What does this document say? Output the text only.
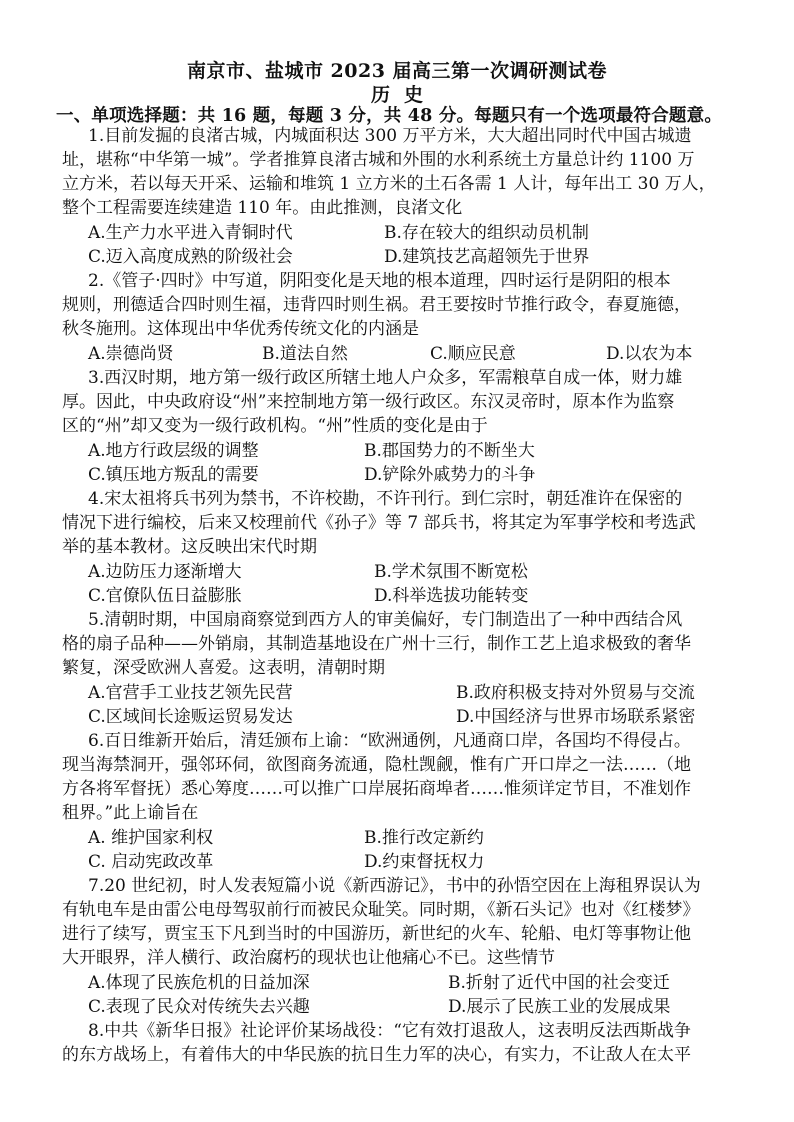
南京市、盐城市 2023 届高三第一次调研测试卷
历史
一、单项选择题：共 16 题，每题 3 分，共 48 分。每题只有一个选项最符合题意。
1.目前发掘的良渚古城，内城面积达 300 万平方米，大大超出同时代中国古城遗
址，堪称“中华第一城”。学者推算良渚古城和外围的水利系统土方量总计约 1100 万
立方米，若以每天开采、运输和堆筑 1 立方米的土石各需 1 人计，每年出工 30 万人，
整个工程需要连续建造 110 年。由此推测，良渚文化
A.生产力水平进入青铜时代	B.存在较大的组织动员机制
C.迈入高度成熟的阶级社会	D.建筑技艺高超领先于世界
2.《管子·四时》中写道，阴阳变化是天地的根本道理，四时运行是阴阳的根本
规则，刑德适合四时则生福，违背四时则生祸。君王要按时节推行政令，春夏施德，
秋冬施刑。这体现出中华优秀传统文化的内涵是
A.崇德尚贤	B.道法自然	C.顺应民意	D.以农为本
3.西汉时期，地方第一级行政区所辖土地人户众多，军需粮草自成一体，财力雄
厚。因此，中央政府设“州”来控制地方第一级行政区。东汉灵帝时，原本作为监察
区的“州”却又变为一级行政机构。“州”性质的变化是由于
A.地方行政层级的调整	B.郡国势力的不断坐大
C.镇压地方叛乱的需要	D.铲除外戚势力的斗争
4.宋太祖将兵书列为禁书，不许校勘，不许刊行。到仁宗时，朝廷准许在保密的
情况下进行编校，后来又校理前代《孙子》等 7 部兵书，将其定为军事学校和考选武
举的基本教材。这反映出宋代时期
A.边防压力逐渐增大	B.学术氛围不断宽松
C.官僚队伍日益膨胀	D.科举选拔功能转变
5.清朝时期，中国扇商察觉到西方人的审美偏好，专门制造出了一种中西结合风
格的扇子品种——外销扇，其制造基地设在广州十三行，制作工艺上追求极致的奢华
繁复，深受欧洲人喜爱。这表明，清朝时期
A.官营手工业技艺领先民营	B.政府积极支持对外贸易与交流
C.区域间长途贩运贸易发达	D.中国经济与世界市场联系紧密
6.百日维新开始后，清廷颁布上谕：“欧洲通例，凡通商口岸，各国均不得侵占。
现当海禁洞开，强邻环伺，欲图商务流通，隐杜觊觎，惟有广开口岸之一法……（地
方各将军督抚）悉心筹度……可以推广口岸展拓商埠者……惟须详定节目，不准划作
租界。”此上谕旨在
A. 维护国家利权	B.推行改定新约
C. 启动宪政改革	D.约束督抚权力
7.20 世纪初，时人发表短篇小说《新西游记》，书中的孙悟空因在上海租界误认为
有轨电车是由雷公电母驾驭前行而被民众耻笑。同时期，《新石头记》也对《红楼梦》
进行了续写，贾宝玉下凡到当时的中国游历，新世纪的火车、轮船、电灯等事物让他
大开眼界，洋人横行、政治腐朽的现状也让他痛心不已。这些情节
A.体现了民族危机的日益加深	B.折射了近代中国的社会变迁
C.表现了民众对传统失去兴趣	D.展示了民族工业的发展成果
8.中共《新华日报》社论评价某场战役：“它有效打退敌人，这表明反法西斯战争
的东方战场上，有着伟大的中华民族的抗日生力军的决心，有实力，不让敌人在太平
